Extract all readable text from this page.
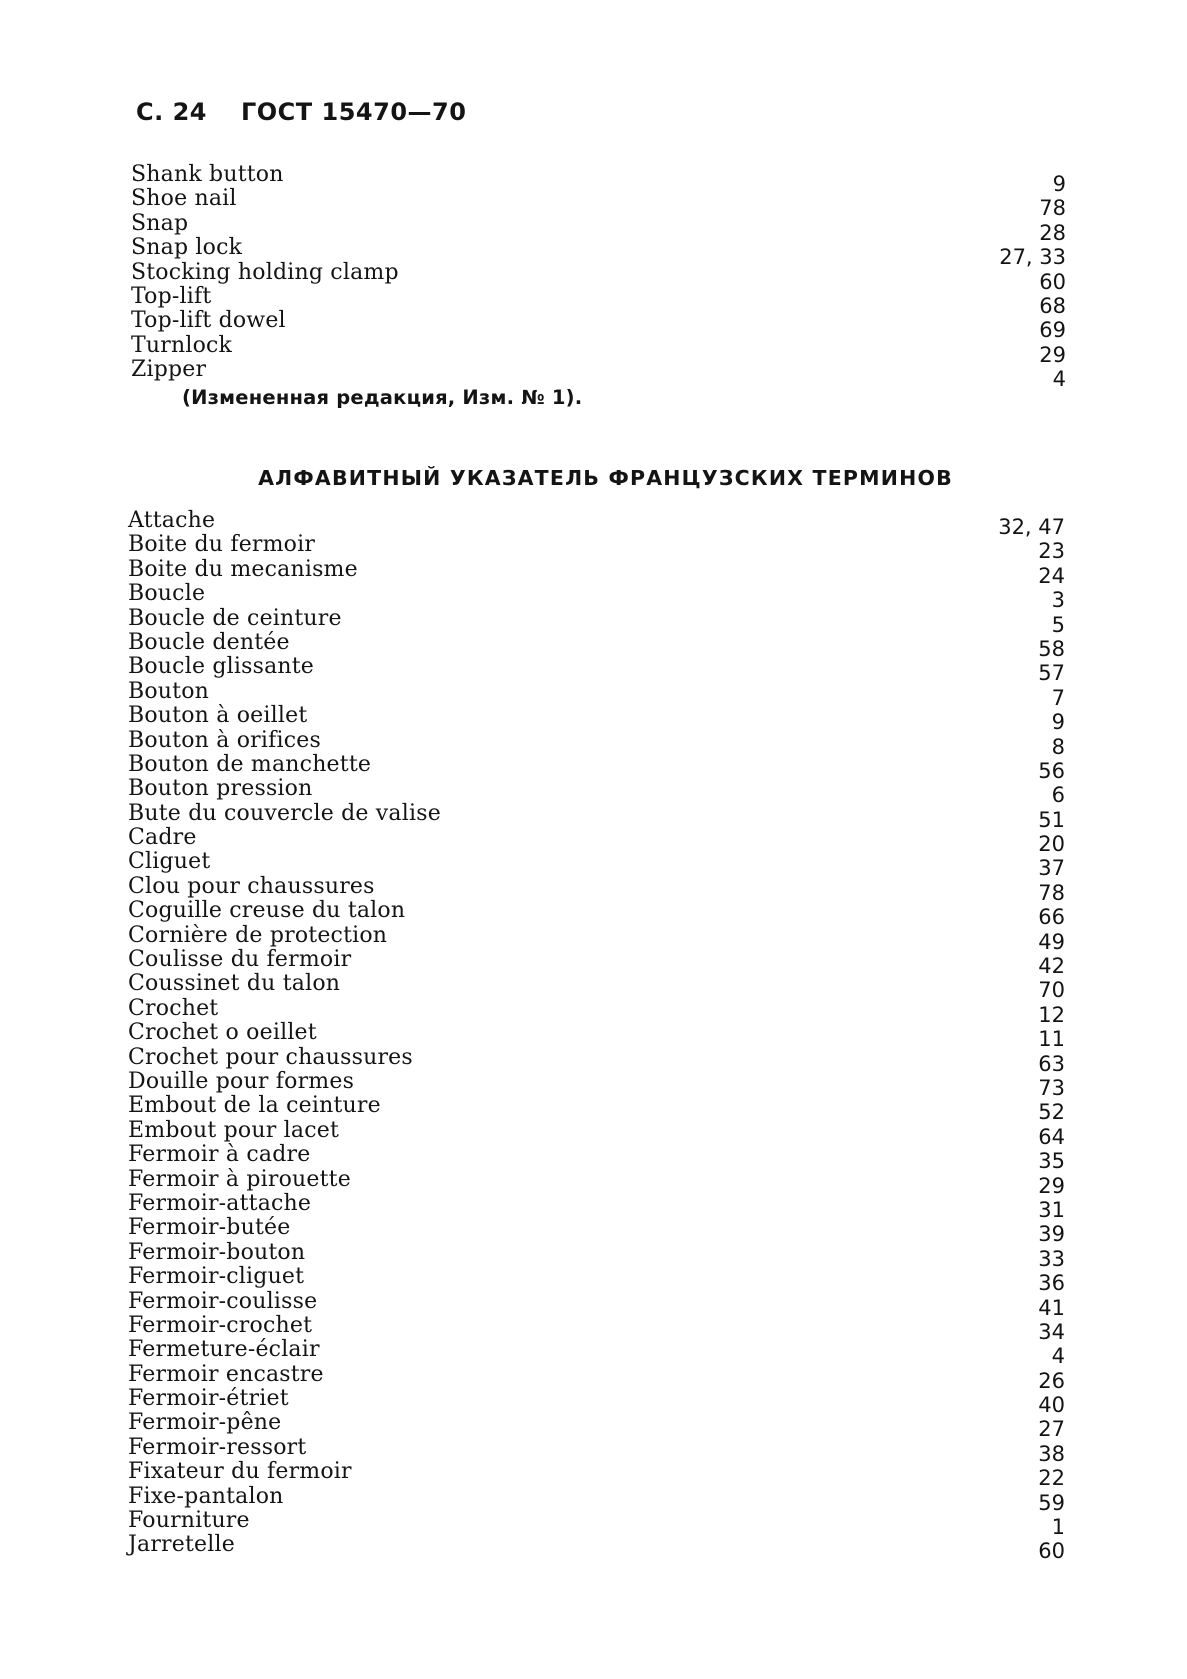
С. 24 ГОСТ 15470—70
Shank button	9
Shoe nail	78
Snap	28
Snap lock	27, 33
Stocking holding clamp	60
Top-lift	68
Top-lift dowel	69
Turnlock	29
Zipper	4
(Измененная редакция, Изм. № 1).
АЛФАВИТНЫЙ УКАЗАТЕЛЬ ФРАНЦУЗСКИХ ТЕРМИНОВ
Attache	32, 47
Boite du fermoir	23
Boite du mecanisme	24
Boucle	3
Boucle de ceinture	5
Boucle dentée	58
Boucle glissante	57
Bouton	7
Bouton à oeillet	9
Bouton à orifices	8
Bouton de manchette	56
Bouton pression	6
Bute du couvercle de valise	51
Cadre	20
Cliguet	37
Clou pour chaussures	78
Coguille creuse du talon	66
Cornière de protection	49
Coulisse du fermoir	42
Coussinet du talon	70
Crochet	12
Crochet o oeillet	11
Crochet pour chaussures	63
Douille pour formes	73
Embout de la ceinture	52
Embout pour lacet	64
Fermoir à cadre	35
Fermoir à pirouette	29
Fermoir-attache	31
Fermoir-butée	39
Fermoir-bouton	33
Fermoir-cliguet	36
Fermoir-coulisse	41
Fermoir-crochet	34
Fermeture-éclair	4
Fermoir encastre	26
Fermoir-étriet	40
Fermoir-pêne	27
Fermoir-ressort	38
Fixateur du fermoir	22
Fixe-pantalon	59
Fourniture	1
Jarretelle	60
